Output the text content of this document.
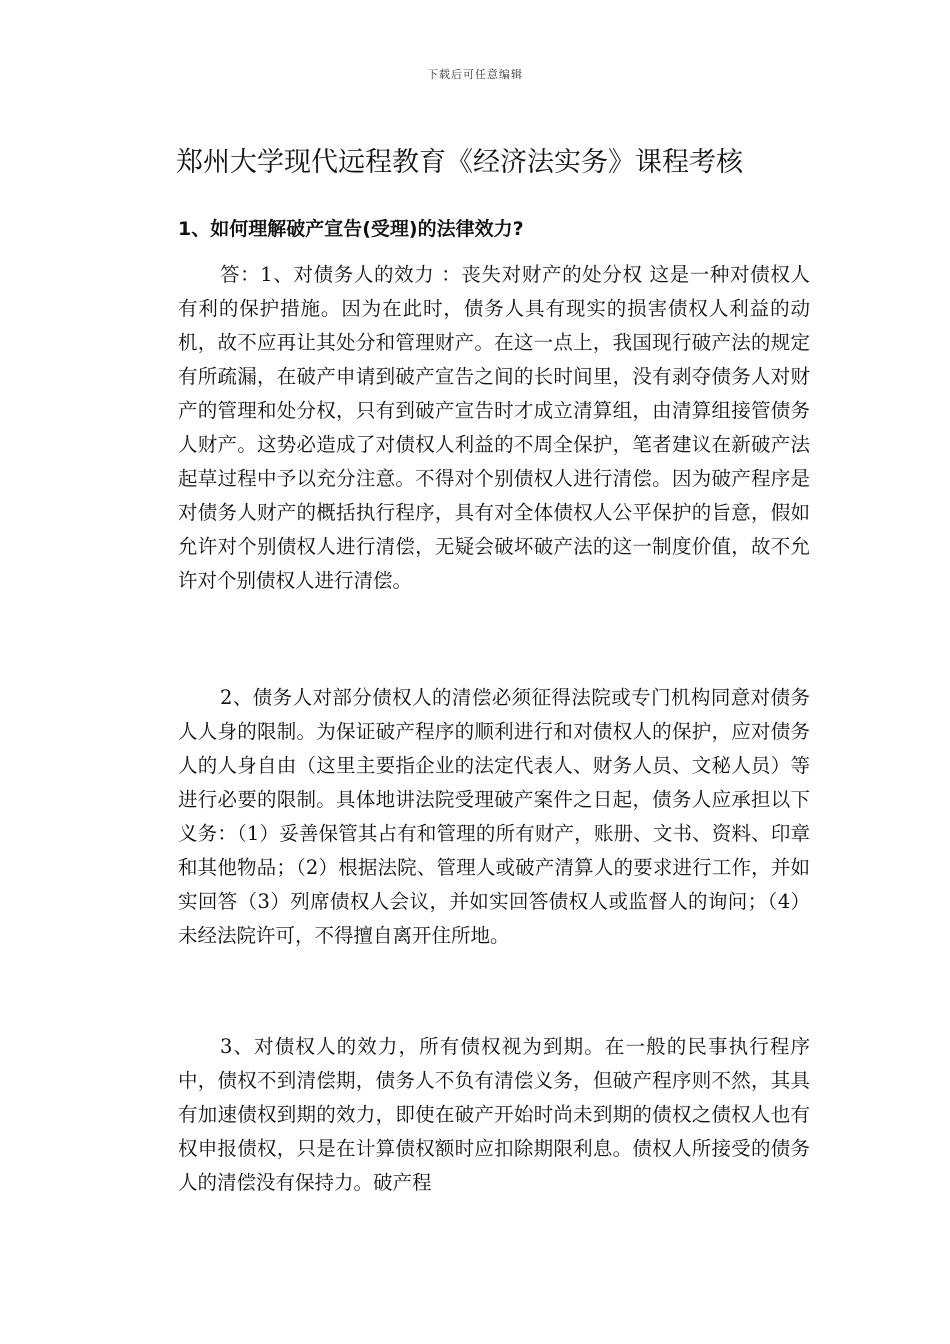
下载后可任意编辑
郑州大学现代远程教育《经济法实务》课程考核
1、如何理解破产宣告(受理)的法律效力?

答：1、对债务人的效力 ：丧失对财产的处分权 这是一种对债权人有利的保护措施。因为在此时，债务人具有现实的损害债权人利益的动机，故不应再让其处分和管理财产。在这一点上，我国现行破产法的规定有所疏漏，在破产申请到破产宣告之间的长时间里，没有剥夺债务人对财产的管理和处分权，只有到破产宣告时才成立清算组，由清算组接管债务人财产。这势必造成了对债权人利益的不周全保护，笔者建议在新破产法起草过程中予以充分注意。不得对个别债权人进行清偿。因为破产程序是对债务人财产的概括执行程序，具有对全体债权人公平保护的旨意，假如允许对个别债权人进行清偿，无疑会破坏破产法的这一制度价值，故不允许对个别债权人进行清偿。

2、债务人对部分债权人的清偿必须征得法院或专门机构同意对债务人人身的限制。为保证破产程序的顺利进行和对债权人的保护，应对债务人的人身自由（这里主要指企业的法定代表人、财务人员、文秘人员）等进行必要的限制。具体地讲法院受理破产案件之日起，债务人应承担以下义务：（1）妥善保管其占有和管理的所有财产，账册、文书、资料、印章和其他物品；（2）根据法院、管理人或破产清算人的要求进行工作，并如实回答（3）列席债权人会议，并如实回答债权人或监督人的询问；（4）未经法院许可，不得擅自离开住所地。

3、对债权人的效力，所有债权视为到期。在一般的民事执行程序中，债权不到清偿期，债务人不负有清偿义务，但破产程序则不然，其具有加速债权到期的效力，即使在破产开始时尚未到期的债权之债权人也有权申报债权，只是在计算债权额时应扣除期限利息。债权人所接受的债务人的清偿没有保持力。破产程
